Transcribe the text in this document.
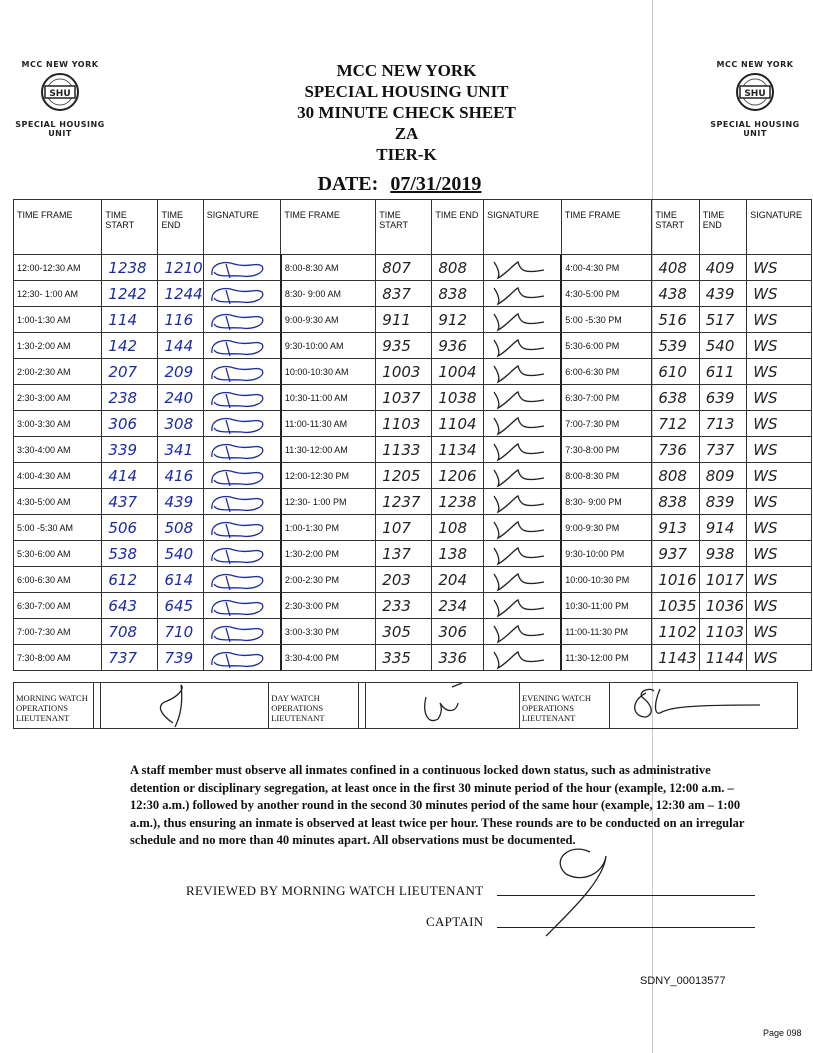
MCC NEW YORK
SHU
SPECIAL HOUSING UNIT
MCC NEW YORK
SHU
SPECIAL HOUSING UNIT
MCC NEW YORK
SPECIAL HOUSING UNIT
30 MINUTE CHECK SHEET
ZA
TIER-K
DATE: 07/31/2019
TIME FRAME	TIME START	TIME END	SIGNATURE	TIME FRAME	TIME START	TIME END	SIGNATURE	TIME FRAME	TIME START	TIME END	SIGNATURE
12:00-12:30 AM	1238	1210		8:00-8:30 AM	807	808		4:00-4:30 PM	408	409	WS
12:30- 1:00 AM	1242	1244		8:30- 9:00 AM	837	838		4:30-5:00 PM	438	439	WS
1:00-1:30 AM	114	116		9:00-9:30 AM	911	912		5:00 -5:30 PM	516	517	WS
1:30-2:00 AM	142	144		9:30-10:00 AM	935	936		5:30-6:00 PM	539	540	WS
2:00-2:30 AM	207	209		10:00-10:30 AM	1003	1004		6:00-6:30 PM	610	611	WS
2:30-3:00 AM	238	240		10:30-11:00 AM	1037	1038		6:30-7:00 PM	638	639	WS
3:00-3:30 AM	306	308		11:00-11:30 AM	1103	1104		7:00-7:30 PM	712	713	WS
3:30-4:00 AM	339	341		11:30-12:00 AM	1133	1134		7:30-8:00 PM	736	737	WS
4:00-4:30 AM	414	416		12:00-12:30 PM	1205	1206		8:00-8:30 PM	808	809	WS
4:30-5:00 AM	437	439		12:30- 1:00 PM	1237	1238		8:30- 9:00 PM	838	839	WS
5:00 -5:30 AM	506	508		1:00-1:30 PM	107	108		9:00-9:30 PM	913	914	WS
5:30-6:00 AM	538	540		1:30-2:00 PM	137	138		9:30-10:00 PM	937	938	WS
6:00-6:30 AM	612	614		2:00-2:30 PM	203	204		10:00-10:30 PM	1016	1017	WS
6:30-7:00 AM	643	645		2:30-3:00 PM	233	234		10:30-11:00 PM	1035	1036	WS
7:00-7:30 AM	708	710		3:00-3:30 PM	305	306		11:00-11:30 PM	1102	1103	WS
7:30-8:00 AM	737	739		3:30-4:00 PM	335	336		11:30-12:00 PM	1143	1144	WS
MORNING WATCH
OPERATIONS
LIEUTENANT
DAY WATCH
OPERATIONS
LIEUTENANT
EVENING WATCH
OPERATIONS
LIEUTENANT
A staff member must observe all inmates confined in a continuous locked down status, such as administrative detention or disciplinary segregation, at least once in the first 30 minute period of the hour (example, 12:00 a.m. – 12:30 a.m.) followed by another round in the second 30 minutes period of the same hour (example, 12:30 am – 1:00 a.m.), thus ensuring an inmate is observed at least twice per hour. These rounds are to be conducted on an irregular schedule and no more than 40 minutes apart. All observations must be documented.
REVIEWED BY MORNING WATCH LIEUTENANT
CAPTAIN
SDNY_00013577
Page 098
